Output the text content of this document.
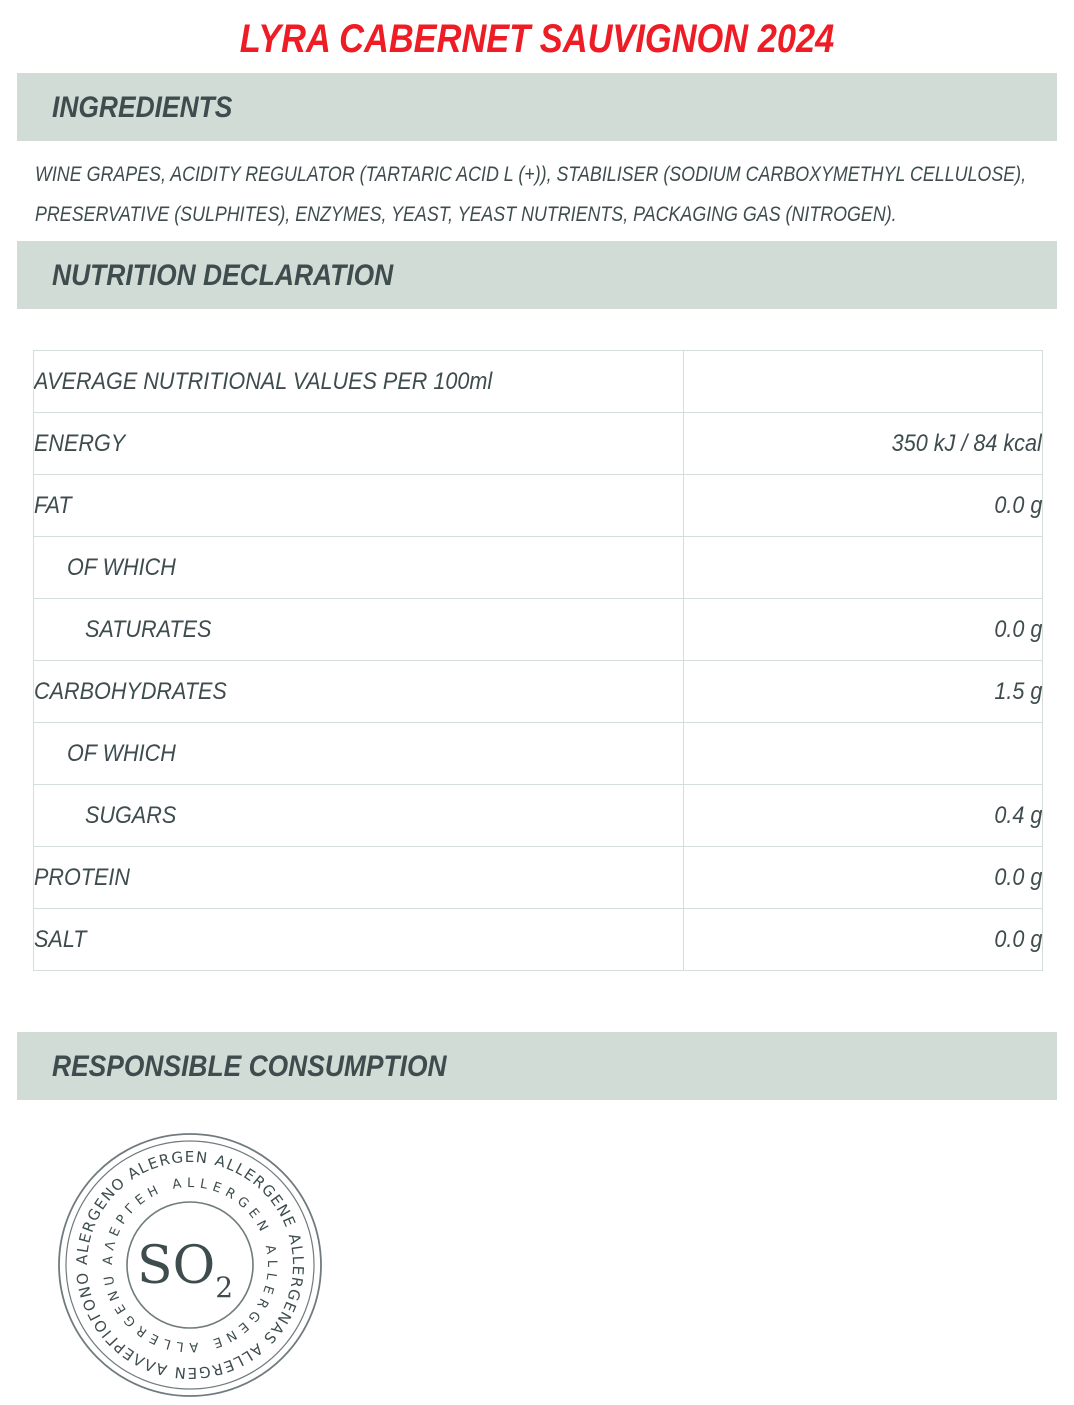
LYRA CABERNET SAUVIGNON 2024
INGREDIENTS
WINE GRAPES, ACIDITY REGULATOR (TARTARIC ACID L (+)), STABILISER (SODIUM CARBOXYMETHYL CELLULOSE),
PRESERVATIVE (SULPHITES), ENZYMES, YEAST, YEAST NUTRIENTS, PACKAGING GAS (NITROGEN).
NUTRITION DECLARATION
AVERAGE NUTRITIONAL VALUES PER 100ml	
ENERGY	350 kJ / 84 kcal
FAT	0.0 g
OF WHICH	
SATURATES	0.0 g
CARBOHYDRATES	1.5 g
OF WHICH	
SUGARS	0.4 g
PROTEIN	0.0 g
SALT	0.0 g
RESPONSIBLE CONSUMPTION
ALERGENO ALERGEN ALLERGENE ALLERGENAS ALLERGEN ΑΛΛΕΡΓΙΟΓΟΝΟ
ΑΛΕΡΓЕН ALLERGEN ALLERGENE ALLERGENU $SO_2$
